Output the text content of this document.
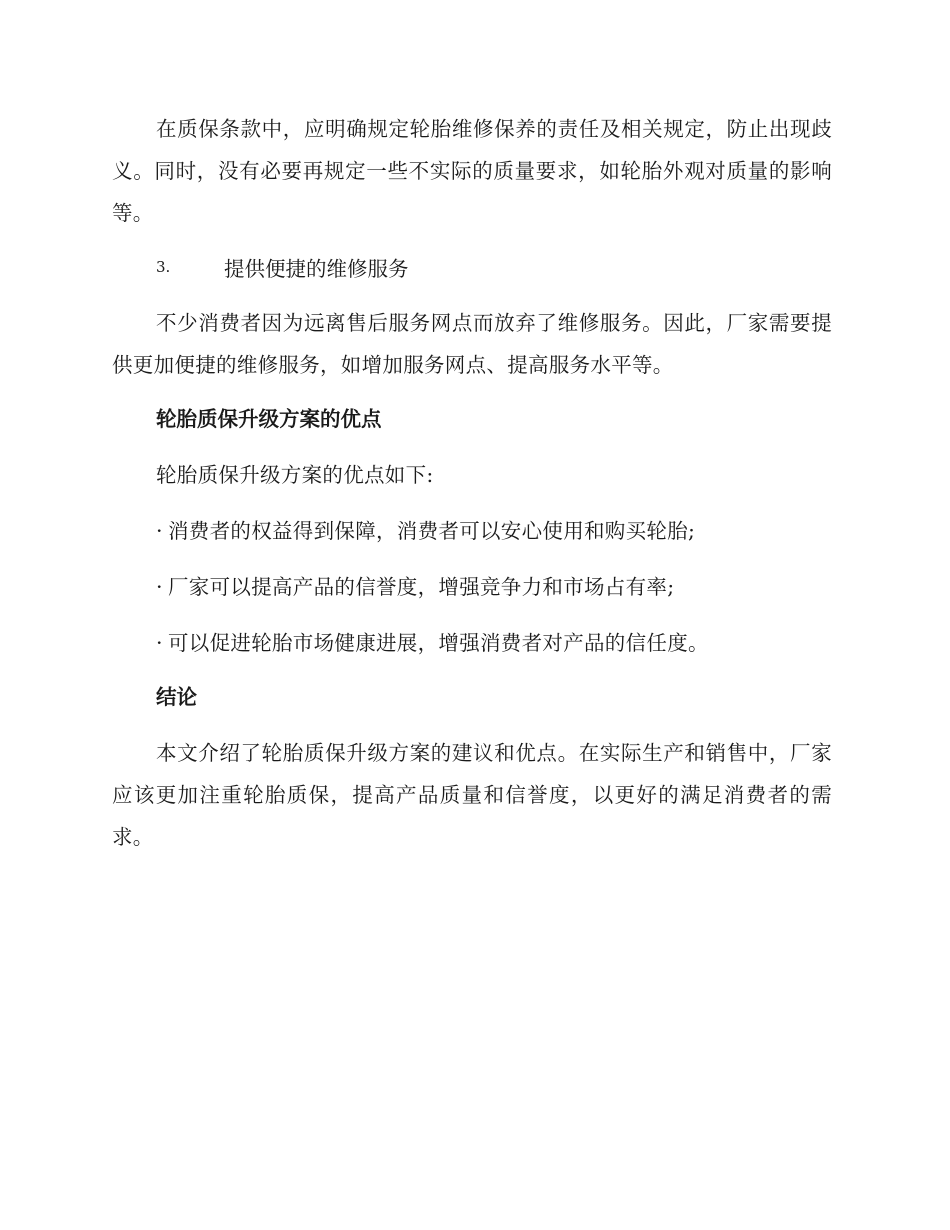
在质保条款中，应明确规定轮胎维修保养的责任及相关规定，防止出现歧义。同时，没有必要再规定一些不实际的质量要求，如轮胎外观对质量的影响等。

3.	提供便捷的维修服务

不少消费者因为远离售后服务网点而放弃了维修服务。因此，厂家需要提供更加便捷的维修服务，如增加服务网点、提高服务水平等。

轮胎质保升级方案的优点
轮胎质保升级方案的优点如下:
· 消费者的权益得到保障，消费者可以安心使用和购买轮胎;
· 厂家可以提高产品的信誉度，增强竞争力和市场占有率;
· 可以促进轮胎市场健康进展，增强消费者对产品的信任度。
结论

本文介绍了轮胎质保升级方案的建议和优点。在实际生产和销售中，厂家应该更加注重轮胎质保，提高产品质量和信誉度，以更好的满足消费者的需求。
